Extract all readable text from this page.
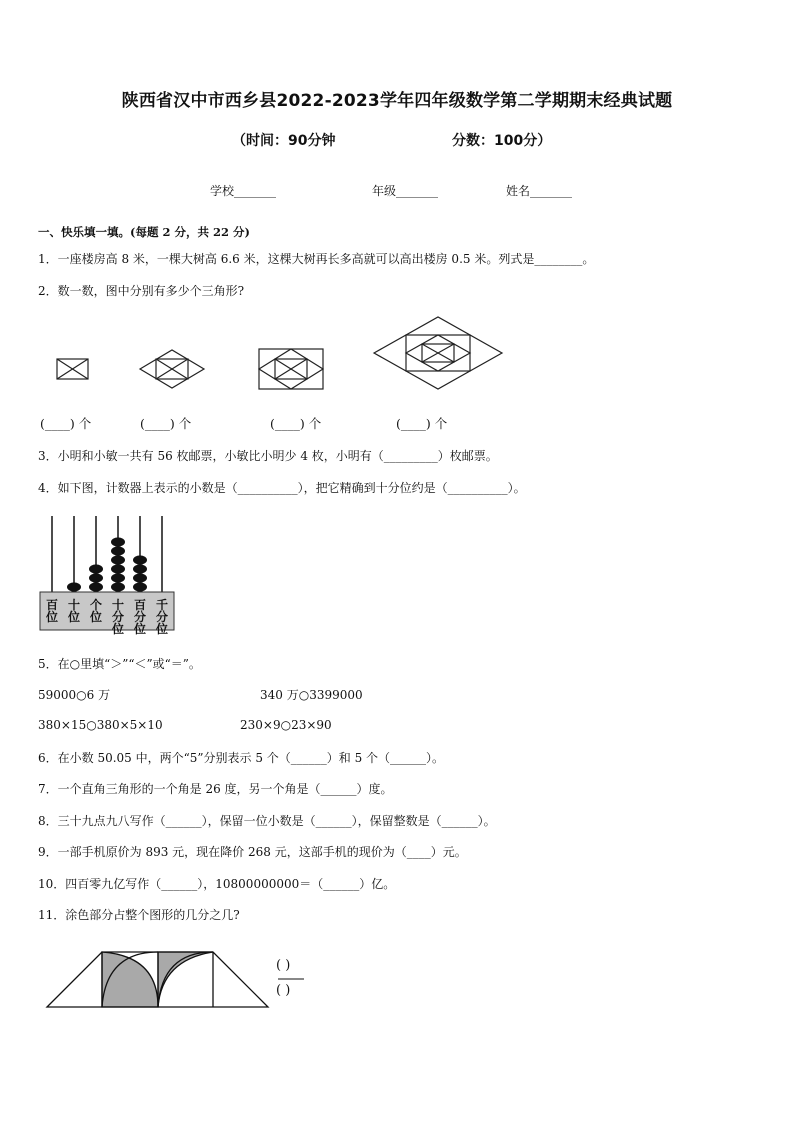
陕西省汉中市西乡县2022-2023学年四年级数学第二学期期末经典试题
（时间：90分钟	分数：100分）
学校_______	年级_______	姓名_______
一、快乐填一填。(每题 2 分，共 22 分)
1．一座楼房高 8 米，一棵大树高 6.6 米，这棵大树再长多高就可以高出楼房 0.5 米。列式是________。
2．数一数，图中分别有多少个三角形?
(____) 个	(____) 个	(____) 个	(____) 个
3．小明和小敏一共有 56 枚邮票，小敏比小明少 4 枚，小明有（_________）枚邮票。
4．如下图，计数器上表示的小数是（__________），把它精确到十分位约是（__________）。
百
位
十
位
个
位
十
分
位
百
分
位
千
分
位
5．在○里填“＞”“＜”或“＝”。
59000○6 万	340 万○3399000
380×15○380×5×10	230×9○23×90
6．在小数 50.05 中，两个“5”分别表示 5 个（______）和 5 个（______）。
7．一个直角三角形的一个角是 26 度，另一个角是（______）度。
8．三十九点九八写作（______），保留一位小数是（______），保留整数是（______）。
9．一部手机原价为 893 元，现在降价 268 元，这部手机的现价为（____）元。
10．四百零九亿写作（______），10800000000＝（______）亿。
11．涂色部分占整个图形的几分之几?
( )
( )
